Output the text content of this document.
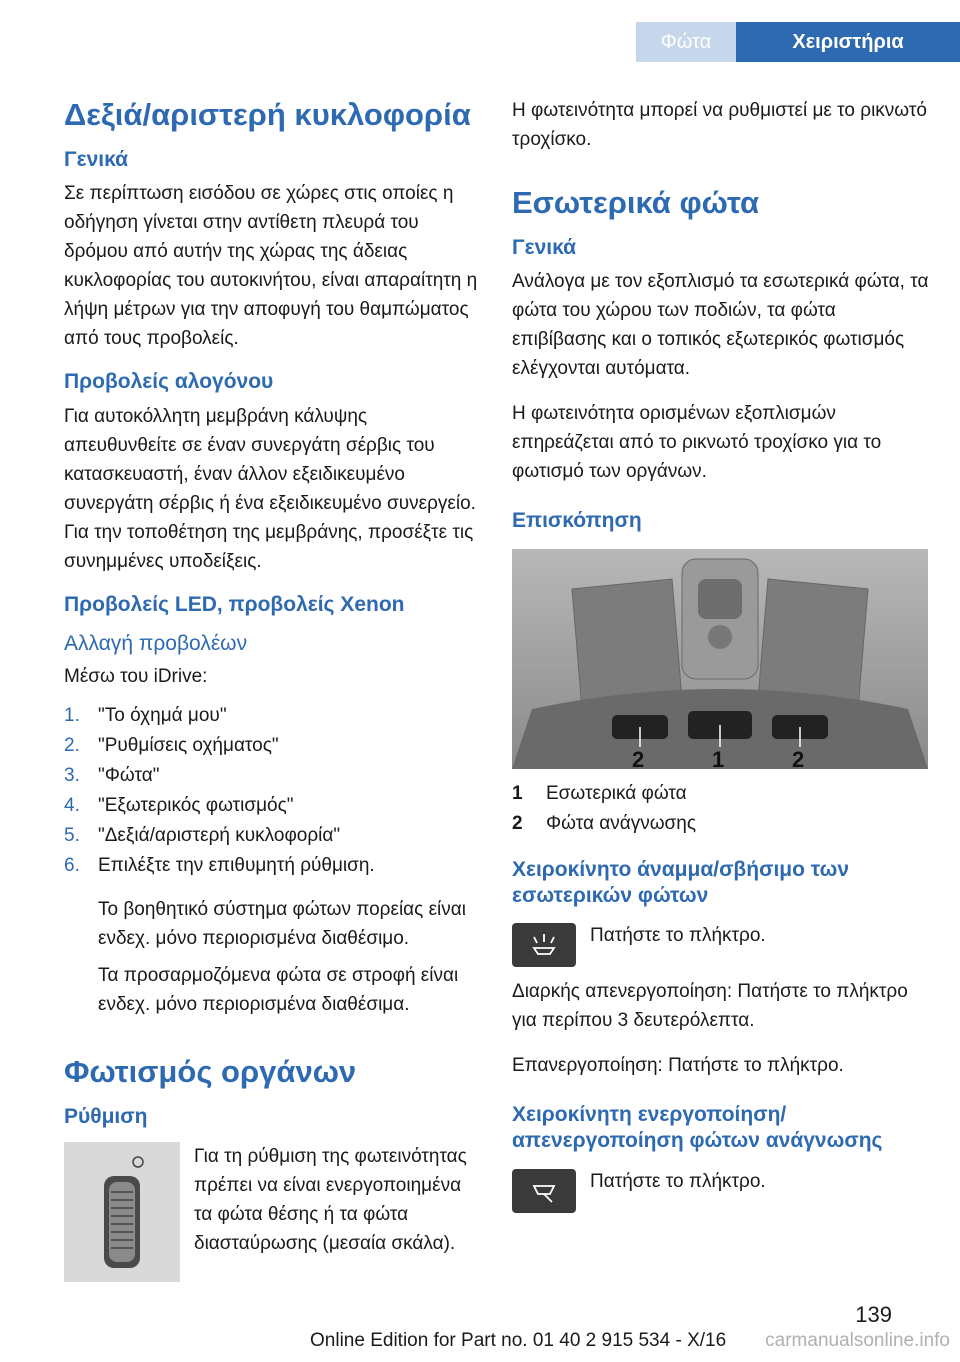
Φώτα	Χειριστήρια
Δεξιά/αριστερή κυκλοφορία
Γενικά

Σε περίπτωση εισόδου σε χώρες στις οποίες η οδήγηση γίνεται στην αντίθετη πλευρά του δρόμου από αυτήν της χώρας της άδειας κυκλοφορίας του αυτοκινήτου, είναι απαραίτητη η λήψη μέτρων για την αποφυγή του θαμπώματος από τους προβολείς.

Προβολείς αλογόνου

Για αυτοκόλλητη μεμβράνη κάλυψης απευθυνθείτε σε έναν συνεργάτη σέρβις του κατασκευαστή, έναν άλλον εξειδικευμένο συνεργάτη σέρβις ή ένα εξειδικευμένο συνεργείο. Για την τοποθέτηση της μεμβράνης, προσέξτε τις συνημμένες υποδείξεις.

Προβολείς LED, προβολείς Xenon
Αλλαγή προβολέων

Μέσω του iDrive:

1. "Το όχημά μου"
2. "Ρυθμίσεις οχήματος"
3. "Φώτα"
4. "Εξωτερικός φωτισμός"
5. "Δεξιά/αριστερή κυκλοφορία"
6. Επιλέξτε την επιθυμητή ρύθμιση.
Το βοηθητικό σύστημα φώτων πορείας είναι ενδεχ. μόνο περιορισμένα διαθέσιμο.
Τα προσαρμοζόμενα φώτα σε στροφή είναι ενδεχ. μόνο περιορισμένα διαθέσιμα.
Φωτισμός οργάνων
Ρύθμιση
Για τη ρύθμιση της φωτεινότητας πρέπει να είναι ενεργοποιημένα τα φώτα θέσης ή τα φώτα διασταύρωσης (μεσαία σκάλα).

Η φωτεινότητα μπορεί να ρυθμιστεί με το ρικνωτό τροχίσκο.

Εσωτερικά φώτα
Γενικά

Ανάλογα με τον εξοπλισμό τα εσωτερικά φώτα, τα φώτα του χώρου των ποδιών, τα φώτα επιβίβασης και ο τοπικός εξωτερικός φωτισμός ελέγχονται αυτόματα.

Η φωτεινότητα ορισμένων εξοπλισμών επηρεάζεται από το ρικνωτό τροχίσκο για το φωτισμό των οργάνων.

Επισκόπηση
2	1	2
1	Εσωτερικά φώτα
2	Φώτα ανάγνωσης
Χειροκίνητο άναμμα/σβήσιμο των εσωτερικών φώτων
Πατήστε το πλήκτρο.

Διαρκής απενεργοποίηση: Πατήστε το πλήκτρο για περίπου 3 δευτερόλεπτα.

Επανεργοποίηση: Πατήστε το πλήκτρο.

Χειροκίνητη ενεργοποίηση/ απενεργοποίηση φώτων ανάγνωσης
Πατήστε το πλήκτρο.
139
Online Edition for Part no. 01 40 2 915 534 - X/16 carmanualsonline.info
